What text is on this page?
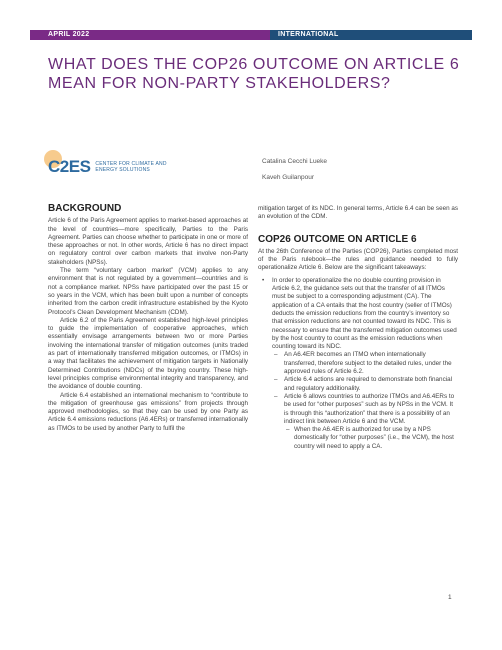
APRIL 2022	INTERNATIONAL
WHAT DOES THE COP26 OUTCOME ON ARTICLE 6 MEAN FOR NON-PARTY STAKEHOLDERS?
C2ES CENTER FOR CLIMATE AND ENERGY SOLUTIONS
Catalina Cecchi Lueke
Kaveh Guilanpour
BACKGROUND

Article 6 of the Paris Agreement applies to market-based approaches at the level of countries—more specifically, Parties to the Paris Agreement. Parties can choose whether to participate in one or more of these approaches or not. In other words, Article 6 has no direct impact on regulatory control over carbon markets that involve non-Party stakeholders (NPSs).

The term “voluntary carbon market” (VCM) applies to any environment that is not regulated by a government—countries and is not a compliance market. NPSs have participated over the past 15 or so years in the VCM, which has been built upon a number of concepts inherited from the carbon credit infrastructure established by the Kyoto Protocol’s Clean Development Mechanism (CDM).

Article 6.2 of the Paris Agreement established high-level principles to guide the implementation of cooperative approaches, which essentially envisage arrangements between two or more Parties involving the international transfer of mitigation outcomes (units traded as part of internationally transferred mitigation outcomes, or ITMOs) in a way that facilitates the achievement of mitigation targets in Nationally Determined Contributions (NDCs) of the buying country. These high-level principles comprise environmental integrity and transparency, and the avoidance of double counting.

Article 6.4 established an international mechanism to “contribute to the mitigation of greenhouse gas emissions” from projects through approved methodologies, so that they can be used by one Party as Article 6.4 emissions reductions (A6.4ERs) or transferred internationally as ITMOs to be used by another Party to fulfil the

mitigation target of its NDC. In general terms, Article 6.4 can be seen as an evolution of the CDM.

COP26 OUTCOME ON ARTICLE 6

At the 26th Conference of the Parties (COP26), Parties completed most of the Paris rulebook—the rules and guidance needed to fully operationalize Article 6. Below are the significant takeaways:

• In order to operationalize the no double counting provision in Article 6.2, the guidance sets out that the transfer of all ITMOs must be subject to a corresponding adjustment (CA). The application of a CA entails that the host country (seller of ITMOs) deducts the emission reductions from the country’s inventory so that emission reductions are not counted toward its NDC. This is necessary to ensure that the transferred mitigation outcomes used by the host country to count as the emission reductions when counting toward its NDC.
– An A6.4ER becomes an ITMO when internationally transferred, therefore subject to the detailed rules, under the approved rules of Article 6.2.
– Article 6.4 actions are required to demonstrate both financial and regulatory additionality.
– Article 6 allows countries to authorize ITMOs and A6.4ERs to be used for “other purposes” such as by NPSs in the VCM. It is through this “authorization” that there is a possibility of an indirect link between Article 6 and the VCM.
– When the A6.4ER is authorized for use by a NPS domestically for “other purposes” (i.e., the VCM), the host country will need to apply a CA.
1
